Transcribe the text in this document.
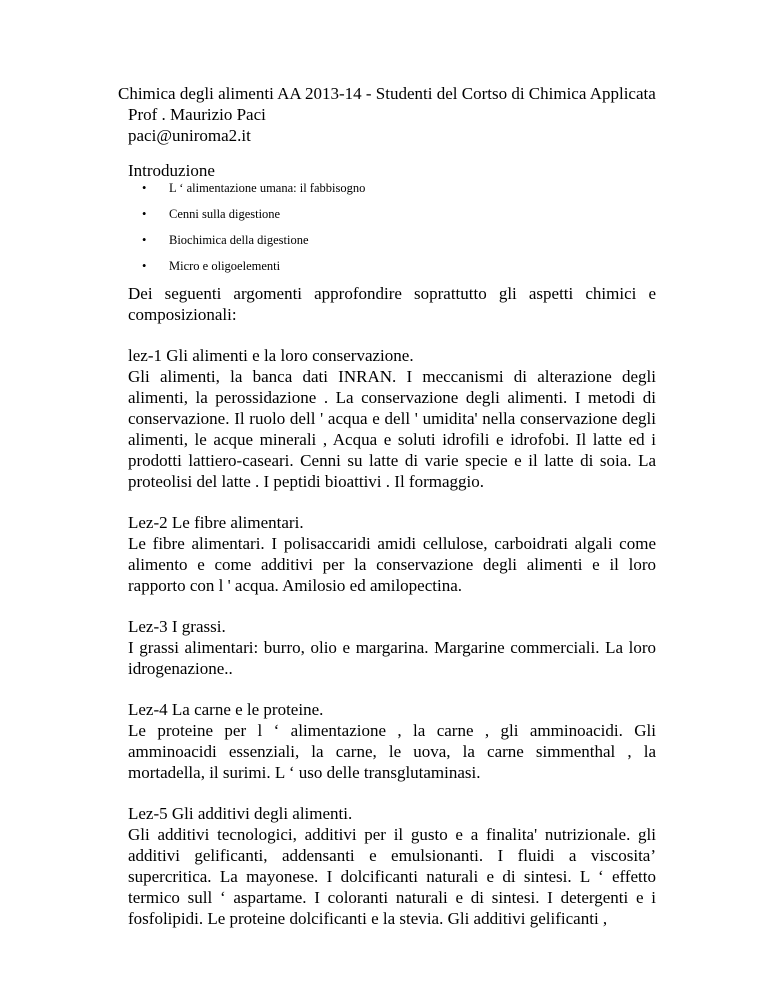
Chimica degli alimenti AA 2013-14 - Studenti del Cortso di Chimica Applicata
Prof . Maurizio Paci
paci@uniroma2.it
Introduzione
•	L ‘ alimentazione umana: il fabbisogno
•	Cenni sulla digestione
•	Biochimica della digestione
•	Micro e oligoelementi
Dei seguenti argomenti approfondire soprattutto gli aspetti chimici e composizionali:
lez-1 Gli alimenti e la loro conservazione.
Gli alimenti, la banca dati INRAN. I meccanismi di alterazione degli alimenti, la perossidazione . La conservazione degli alimenti. I metodi di conservazione. Il ruolo dell ' acqua e dell ' umidita' nella conservazione degli alimenti, le acque minerali , Acqua e soluti idrofili e idrofobi. Il latte ed i prodotti lattiero-caseari. Cenni su latte di varie specie e il latte di soia. La proteolisi del latte . I peptidi bioattivi . Il formaggio.
Lez-2 Le fibre alimentari.
Le fibre alimentari. I polisaccaridi amidi cellulose, carboidrati algali come alimento e come additivi per la conservazione degli alimenti e il loro rapporto con l ' acqua. Amilosio ed amilopectina.
Lez-3 I grassi.
I grassi alimentari: burro, olio e margarina. Margarine commerciali. La loro idrogenazione..
Lez-4 La carne e le proteine.
Le proteine per l ‘ alimentazione , la carne , gli amminoacidi. Gli amminoacidi essenziali, la carne, le uova, la carne simmenthal , la mortadella, il surimi. L ‘ uso delle transglutaminasi.
Lez-5 Gli additivi degli alimenti.
Gli additivi tecnologici, additivi per il gusto e a finalita' nutrizionale. gli additivi gelificanti, addensanti e emulsionanti. I fluidi a viscosita’ supercritica. La mayonese. I dolcificanti naturali e di sintesi. L ‘ effetto termico sull ‘ aspartame. I coloranti naturali e di sintesi. I detergenti e i fosfolipidi. Le proteine dolcificanti e la stevia. Gli additivi gelificanti ,
